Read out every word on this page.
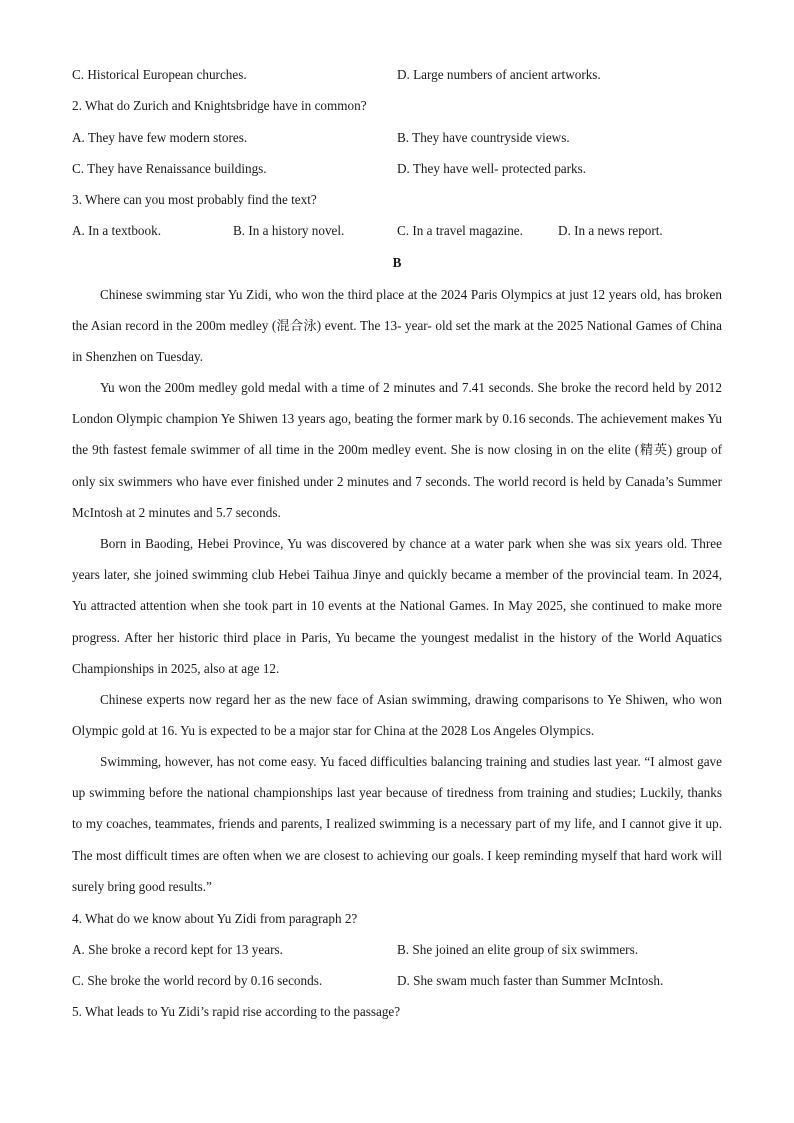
C. Historical European churches.	D. Large numbers of ancient artworks.
2. What do Zurich and Knightsbridge have in common?
A. They have few modern stores.	B. They have countryside views.
C. They have Renaissance buildings.	D. They have well- protected parks.
3. Where can you most probably find the text?
A. In a textbook.	B. In a history novel.	C. In a travel magazine.	D. In a news report.
B

Chinese swimming star Yu Zidi, who won the third place at the 2024 Paris Olympics at just 12 years old, has broken the Asian record in the 200m medley (混合泳) event. The 13- year- old set the mark at the 2025 National Games of China in Shenzhen on Tuesday.

Yu won the 200m medley gold medal with a time of 2 minutes and 7.41 seconds. She broke the record held by 2012 London Olympic champion Ye Shiwen 13 years ago, beating the former mark by 0.16 seconds. The achievement makes Yu the 9th fastest female swimmer of all time in the 200m medley event. She is now closing in on the elite (精英) group of only six swimmers who have ever finished under 2 minutes and 7 seconds. The world record is held by Canada’s Summer McIntosh at 2 minutes and 5.7 seconds.

Born in Baoding, Hebei Province, Yu was discovered by chance at a water park when she was six years old. Three years later, she joined swimming club Hebei Taihua Jinye and quickly became a member of the provincial team. In 2024, Yu attracted attention when she took part in 10 events at the National Games. In May 2025, she continued to make more progress. After her historic third place in Paris, Yu became the youngest medalist in the history of the World Aquatics Championships in 2025, also at age 12.

Chinese experts now regard her as the new face of Asian swimming, drawing comparisons to Ye Shiwen, who won Olympic gold at 16. Yu is expected to be a major star for China at the 2028 Los Angeles Olympics.

Swimming, however, has not come easy. Yu faced difficulties balancing training and studies last year. “I almost gave up swimming before the national championships last year because of tiredness from training and studies; Luckily, thanks to my coaches, teammates, friends and parents, I realized swimming is a necessary part of my life, and I cannot give it up. The most difficult times are often when we are closest to achieving our goals. I keep reminding myself that hard work will surely bring good results.”

4. What do we know about Yu Zidi from paragraph 2?
A. She broke a record kept for 13 years.	B. She joined an elite group of six swimmers.
C. She broke the world record by 0.16 seconds.	D. She swam much faster than Summer McIntosh.
5. What leads to Yu Zidi’s rapid rise according to the passage?
